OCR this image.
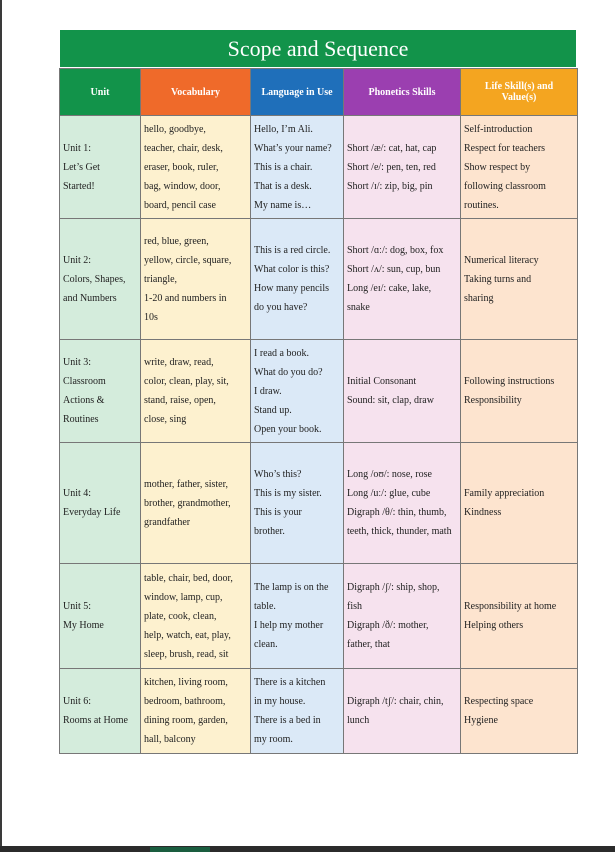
Scope and Sequence
Unit	Vocabulary	Language in Use	Phonetics Skills	Life Skill(s) and
Value(s)

Unit 1:
Let’s Get
Started!	hello, goodbye,
teacher, chair, desk,
eraser, book, ruler,
bag, window, door,
board, pencil case	Hello, I’m Ali.
What’s your name?
This is a chair.
That is a desk.
My name is…	Short /æ/: cat, hat, cap
Short /e/: pen, ten, red
Short /ɪ/: zip, big, pin	Self-introduction
Respect for teachers
Show respect by
following classroom
routines.

Unit 2:
Colors, Shapes,
and Numbers	red, blue, green,
yellow, circle, square,
triangle,
1-20 and numbers in
10s	This is a red circle.
What color is this?
How many pencils
do you have?	Short /ɑː/: dog, box, fox
Short /ʌ/: sun, cup, bun
Long /eɪ/: cake, lake,
snake	Numerical literacy
Taking turns and
sharing

Unit 3:
Classroom
Actions &
Routines	write, draw, read,
color, clean, play, sit,
stand, raise, open,
close, sing	I read a book.
What do you do?
I draw.
Stand up.
Open your book.	Initial Consonant
Sound: sit, clap, draw	Following instructions
Responsibility

Unit 4:
Everyday Life	mother, father, sister,
brother, grandmother,
grandfather	Who’s this?
This is my sister.
This is your
brother.	Long /oʊ/: nose, rose
Long /uː/: glue, cube
Digraph /θ/: thin, thumb,
teeth, thick, thunder, math	Family appreciation
Kindness

Unit 5:
My Home	table, chair, bed, door,
window, lamp, cup,
plate, cook, clean,
help, watch, eat, play,
sleep, brush, read, sit	The lamp is on the
table.
I help my mother
clean.	Digraph /ʃ/: ship, shop,
fish
Digraph /ð/: mother,
father, that	Responsibility at home
Helping others

Unit 6:
Rooms at Home	kitchen, living room,
bedroom, bathroom,
dining room, garden,
hall, balcony	There is a kitchen
in my house.
There is a bed in
my room.	Digraph /tʃ/: chair, chin,
lunch	Respecting space
Hygiene
